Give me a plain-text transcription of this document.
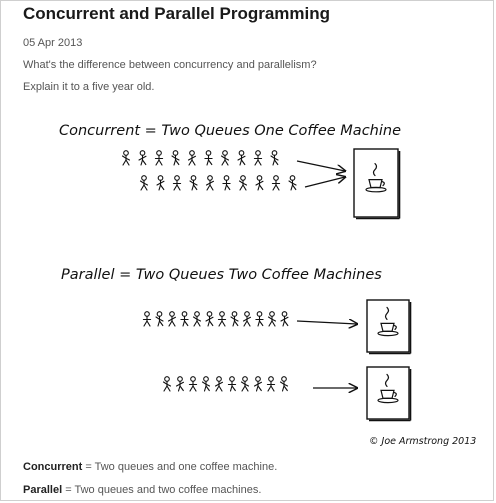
Concurrent and Parallel Programming
05 Apr 2013
What's the difference between concurrency and parallelism?
Explain it to a five year old.
Concurrent = Two Queues One Coffee Machine
Parallel = Two Queues Two Coffee Machines
© Joe Armstrong 2013
Concurrent = Two queues and one coffee machine.
Parallel = Two queues and two coffee machines.
